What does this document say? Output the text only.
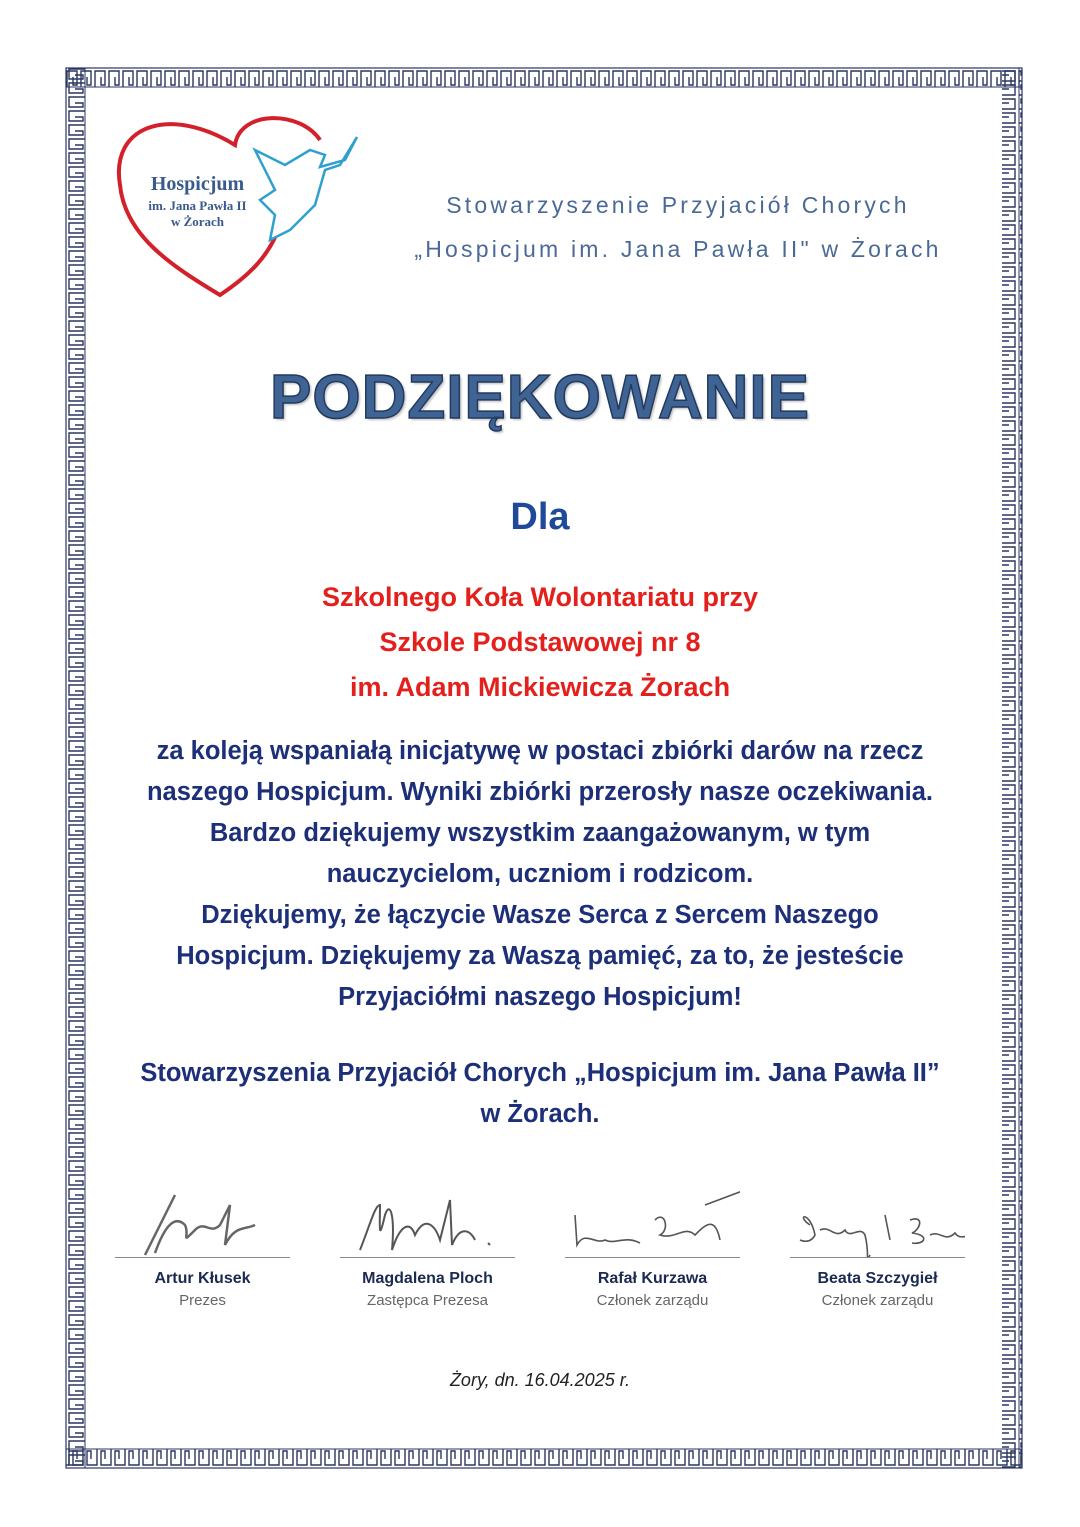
Hospicjum
im. Jana Pawła II
w Żorach
Stowarzyszenie Przyjaciół Chorych
„Hospicjum im. Jana Pawła II" w Żorach
PODZIĘKOWANIE
Dla
Szkolnego Koła Wolontariatu przy
Szkole Podstawowej nr 8
im. Adam Mickiewicza Żorach
za koleją wspaniałą inicjatywę w postaci zbiórki darów na rzecz
naszego Hospicjum. Wyniki zbiórki przerosły nasze oczekiwania.
Bardzo dziękujemy wszystkim zaangażowanym, w tym
nauczycielom, uczniom i rodzicom.
Dziękujemy, że łączycie Wasze Serca z Sercem Naszego
Hospicjum. Dziękujemy za Waszą pamięć, za to, że jesteście
Przyjaciółmi naszego Hospicjum!
Stowarzyszenia Przyjaciół Chorych „Hospicjum im. Jana Pawła II”
w Żorach.
Artur Kłusek
Prezes
Magdalena Ploch
Zastępca Prezesa
Rafał Kurzawa
Członek zarządu
Beata Szczygieł
Członek zarządu
Żory, dn. 16.04.2025 r.
